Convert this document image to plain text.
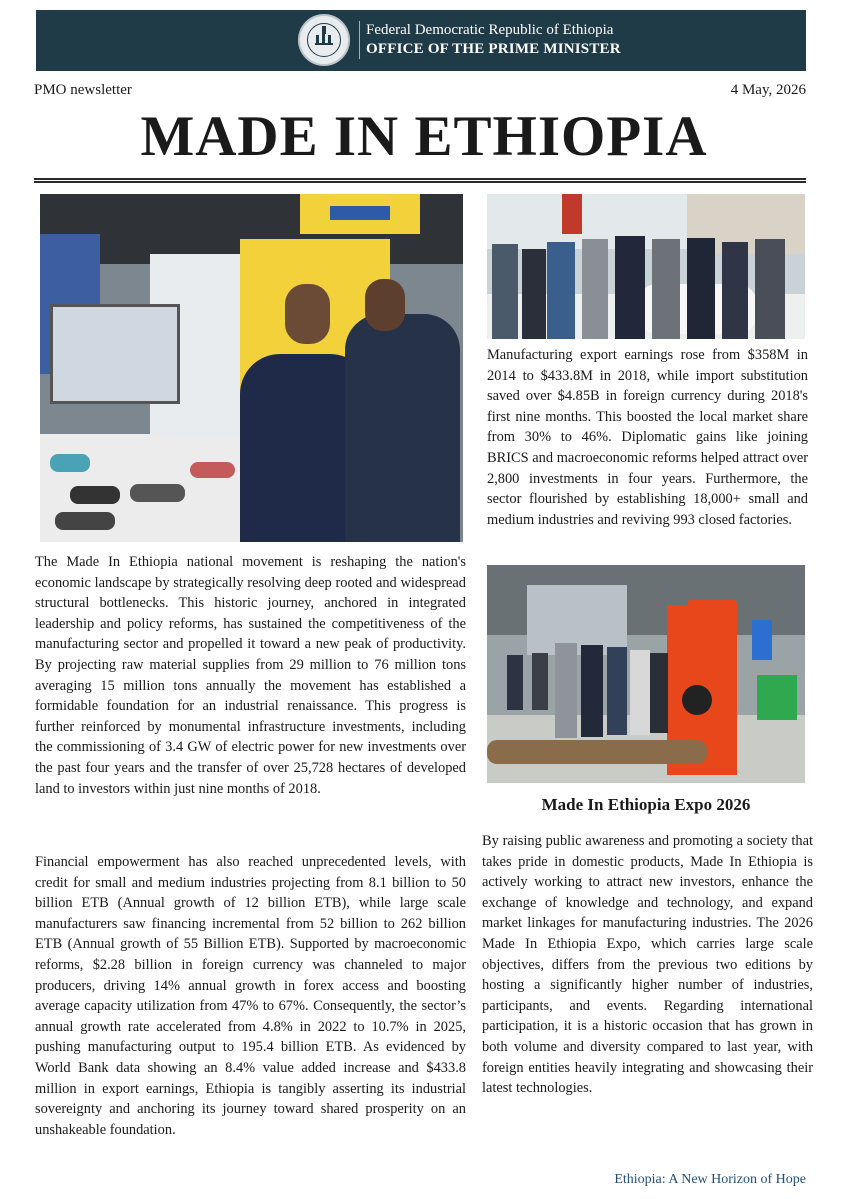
Federal Democratic Republic of Ethiopia
OFFICE OF THE PRIME MINISTER
PMO newsletter	4 May, 2026
MADE IN ETHIOPIA
The Made In Ethiopia national movement is reshaping the nation's economic landscape by strategically resolving deep rooted and widespread structural bottlenecks. This historic journey, anchored in integrated leadership and policy reforms, has sustained the competitiveness of the manufacturing sector and propelled it toward a new peak of productivity. By projecting raw material supplies from 29 million to 76 million tons averaging 15 million tons annually the movement has established a formidable foundation for an industrial renaissance. This progress is further reinforced by monumental infrastructure investments, including the commissioning of 3.4 GW of electric power for new investments over the past four years and the transfer of over 25,728 hectares of developed land to investors within just nine months of 2018.
Financial empowerment has also reached unprecedented levels, with credit for small and medium industries projecting from 8.1 billion to 50 billion ETB (Annual growth of 12 billion ETB), while large scale manufacturers saw financing incremental from 52 billion to 262 billion ETB (Annual growth of 55 Billion ETB). Supported by macroeconomic reforms, $2.28 billion in foreign currency was channeled to major producers, driving 14% annual growth in forex access and boosting average capacity utilization from 47% to 67%. Consequently, the sector’s annual growth rate accelerated from 4.8% in 2022 to 10.7% in 2025, pushing manufacturing output to 195.4 billion ETB. As evidenced by World Bank data showing an 8.4% value added increase and $433.8 million in export earnings, Ethiopia is tangibly asserting its industrial sovereignty and anchoring its journey toward shared prosperity on an unshakeable foundation.
Manufacturing export earnings rose from $358M in 2014 to $433.8M in 2018, while import substitution saved over $4.85B in foreign currency during 2018's first nine months. This boosted the local market share from 30% to 46%. Diplomatic gains like joining BRICS and macroeconomic reforms helped attract over 2,800 investments in four years. Furthermore, the sector flourished by establishing 18,000+ small and medium industries and reviving 993 closed factories.
Made In Ethiopia Expo 2026
By raising public awareness and promoting a society that takes pride in domestic products, Made In Ethiopia is actively working to attract new investors, enhance the exchange of knowledge and technology, and expand market linkages for manufacturing industries. The 2026 Made In Ethiopia Expo, which carries large scale objectives, differs from the previous two editions by hosting a significantly higher number of industries, participants, and events. Regarding international participation, it is a historic occasion that has grown in both volume and diversity compared to last year, with foreign entities heavily integrating and showcasing their latest technologies.
Ethiopia: A New Horizon of Hope
